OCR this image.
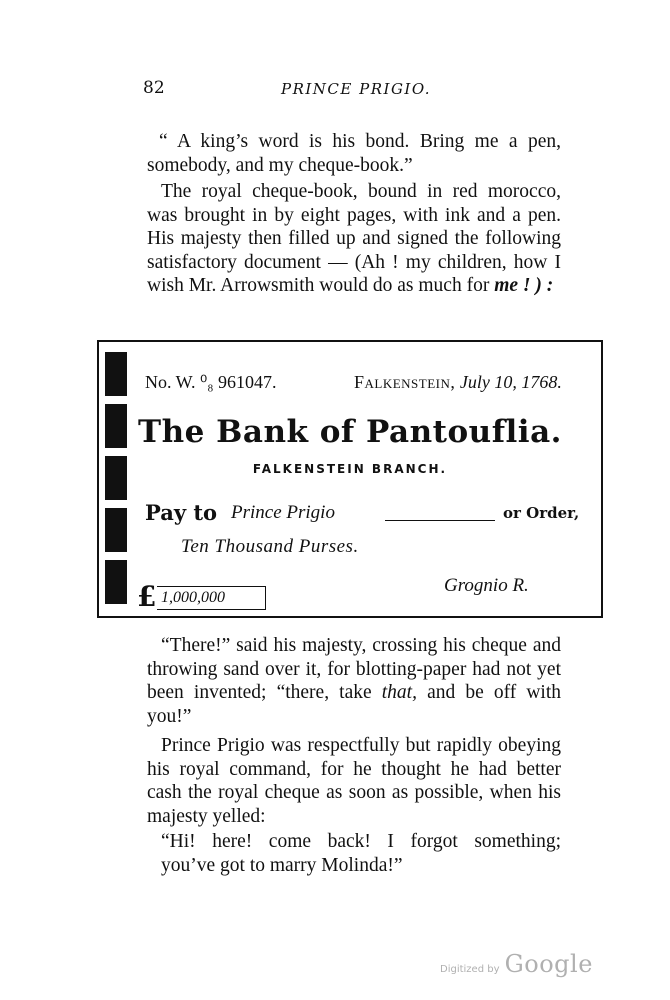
82	PRINCE PRIGIO.
“ A king’s word is his bond. Bring me a pen,
somebody, and my cheque-book.”

The royal cheque-book, bound in red morocco, was brought in by eight pages, with ink and a pen. His majesty then filled up and signed the following satisfactory document — (Ah ! my children, how I wish Mr. Arrowsmith would do as much for me ! ) :

No. W. ⁰₈ 961047.	Falkenstein, July 10, 1768.
The Bank of Pantouflia.
FALKENSTEIN BRANCH.
Pay to Prince Prigio	or Order,
Ten Thousand Purses.
£ 1,000,000
Grognio R.

“There!” said his majesty, crossing his cheque and throwing sand over it, for blotting-paper had not yet been invented; “there, take that, and be off with you!”

Prince Prigio was respectfully but rapidly obeying his royal command, for he thought he had better cash the royal cheque as soon as possible, when his majesty yelled:

“Hi! here! come back! I forgot something;
you’ve got to marry Molinda!”
Digitized by Google
